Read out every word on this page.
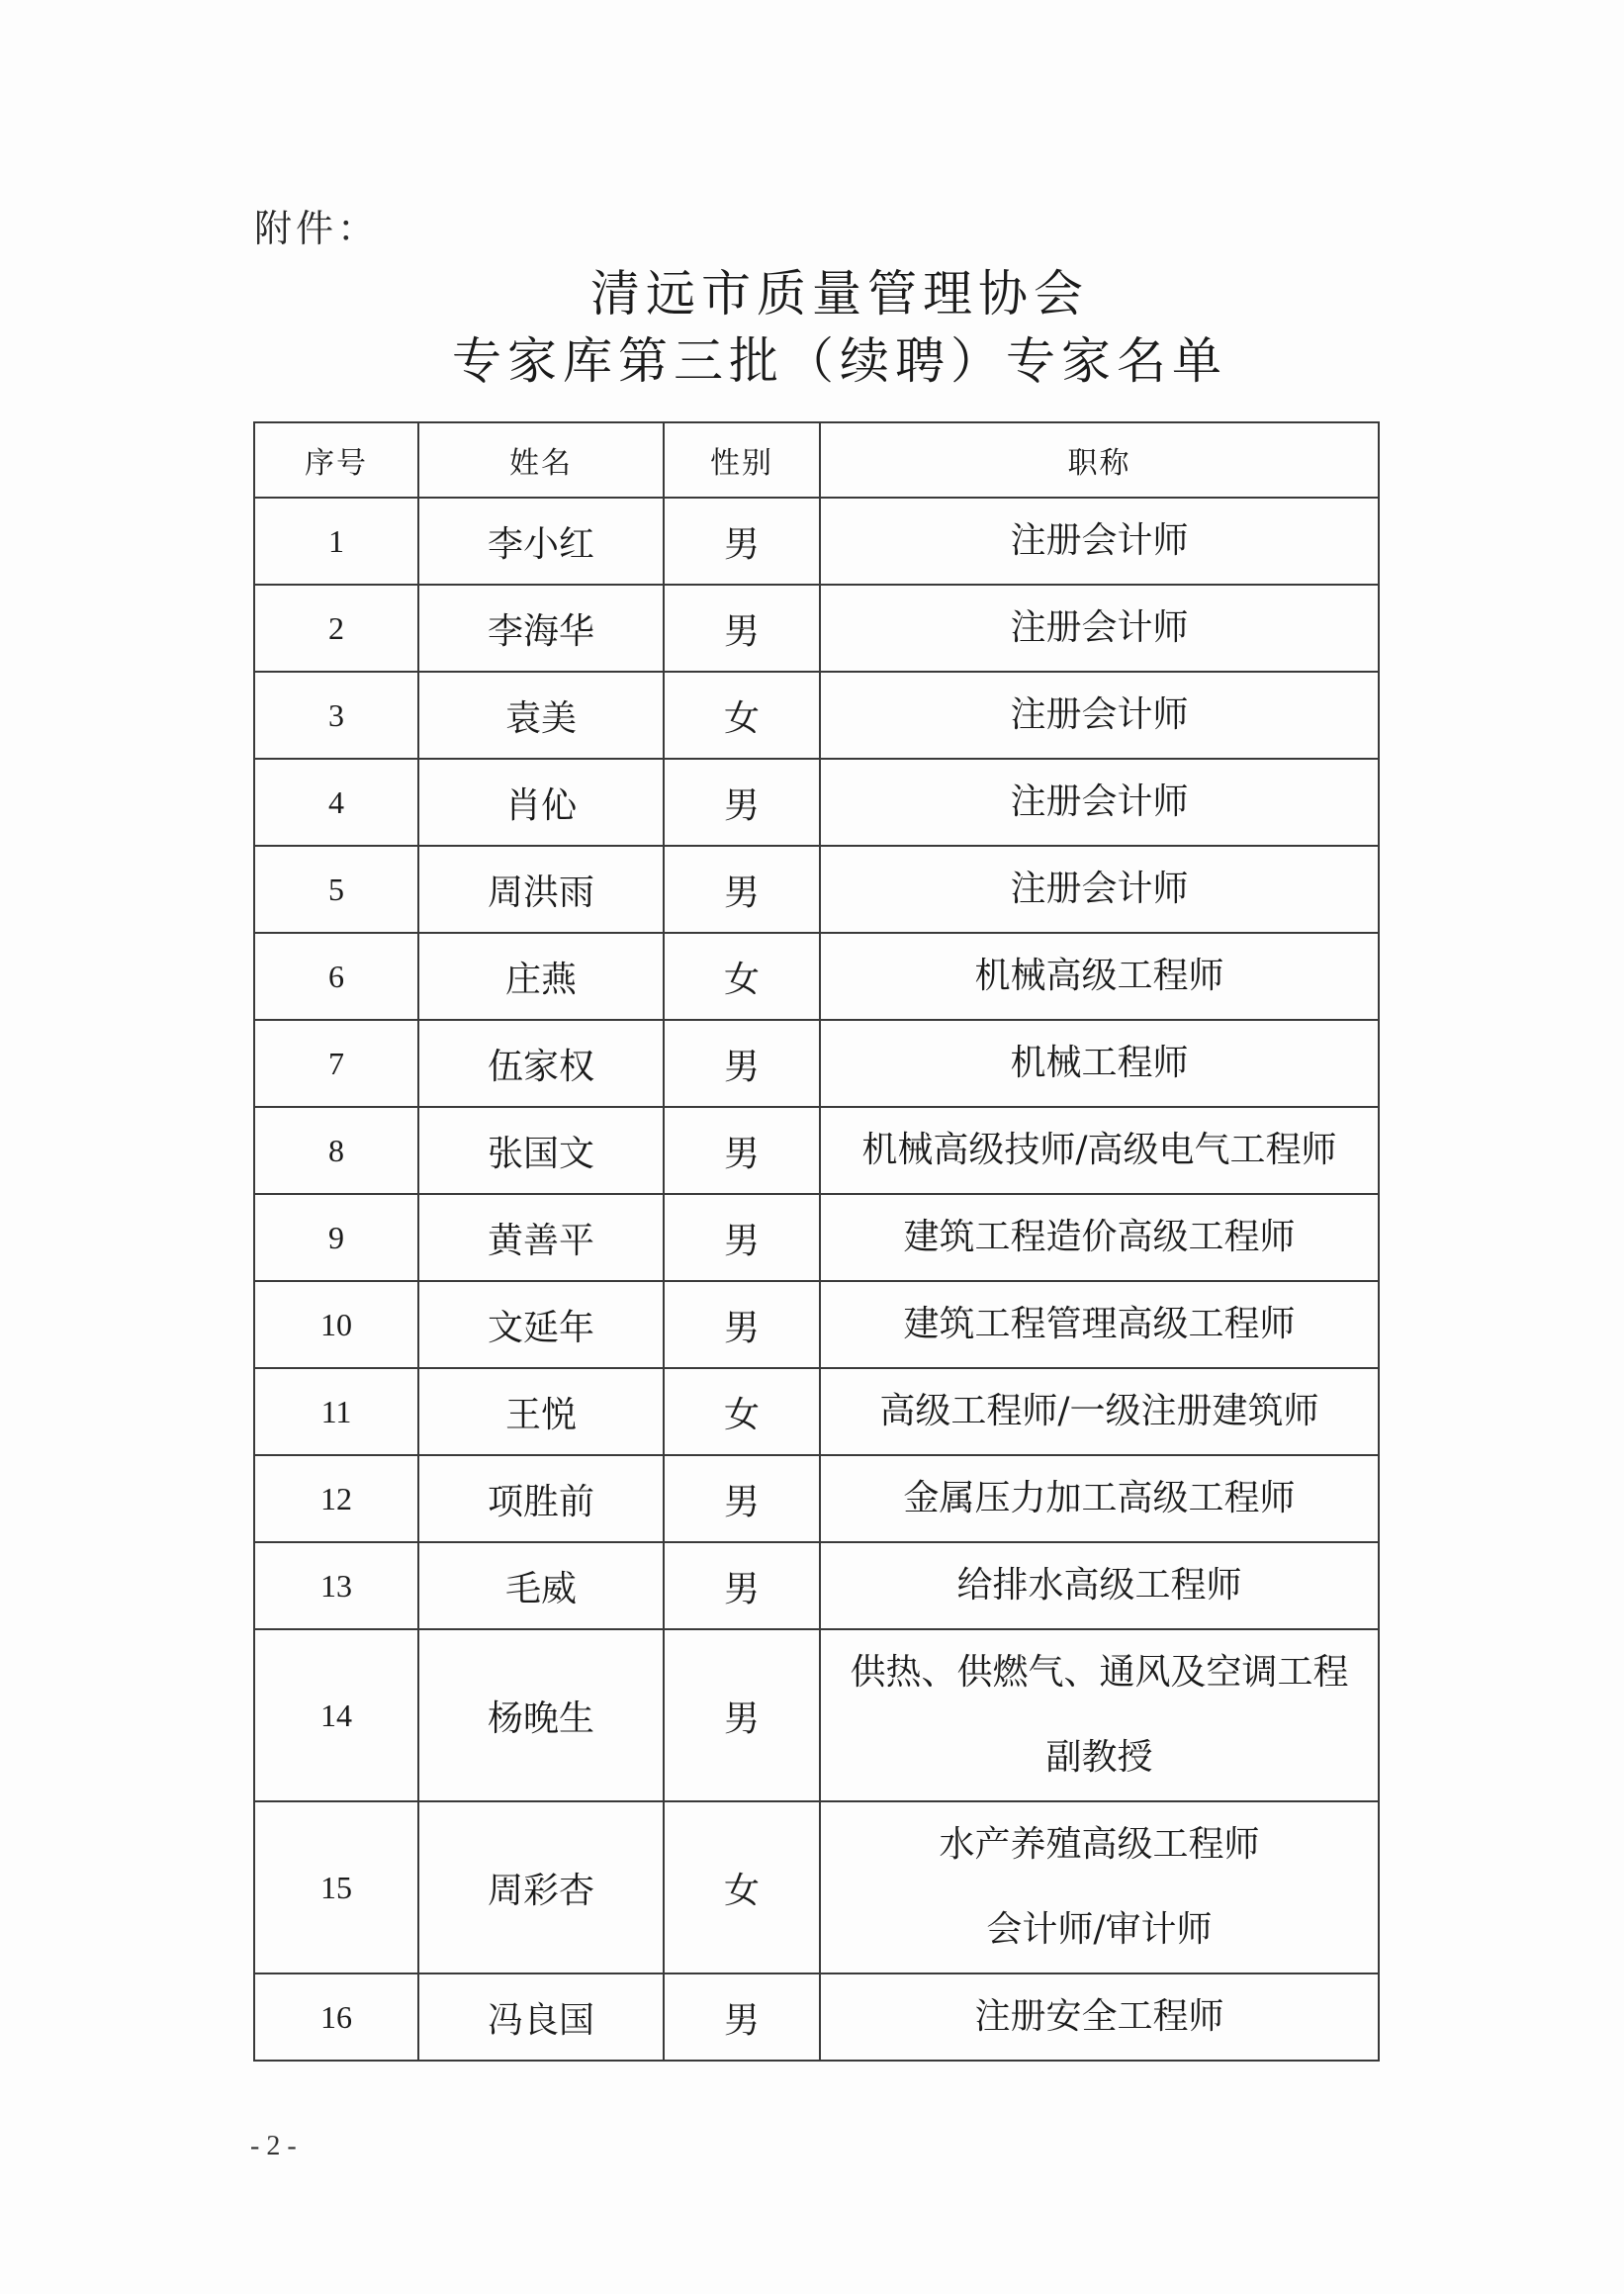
附件：
清远市质量管理协会
专家库第三批（续聘）专家名单
序号	姓名	性别	职称
1	李小红	男	注册会计师

2	李海华	男	注册会计师

3	袁美	女	注册会计师

4	肖伈	男	注册会计师

5	周洪雨	男	注册会计师

6	庄燕	女	机械高级工程师

7	伍家权	男	机械工程师

8	张国文	男	机械高级技师/高级电气工程师

9	黄善平	男	建筑工程造价高级工程师

10	文延年	男	建筑工程管理高级工程师

11	王悦	女	高级工程师/一级注册建筑师

12	项胜前	男	金属压力加工高级工程师

13	毛威	男	给排水高级工程师

14	杨晚生	男	供热、供燃气、通风及空调工程
副教授

15	周彩杏	女	水产养殖高级工程师
会计师/审计师

16	冯良国	男	注册安全工程师
- 2 -
